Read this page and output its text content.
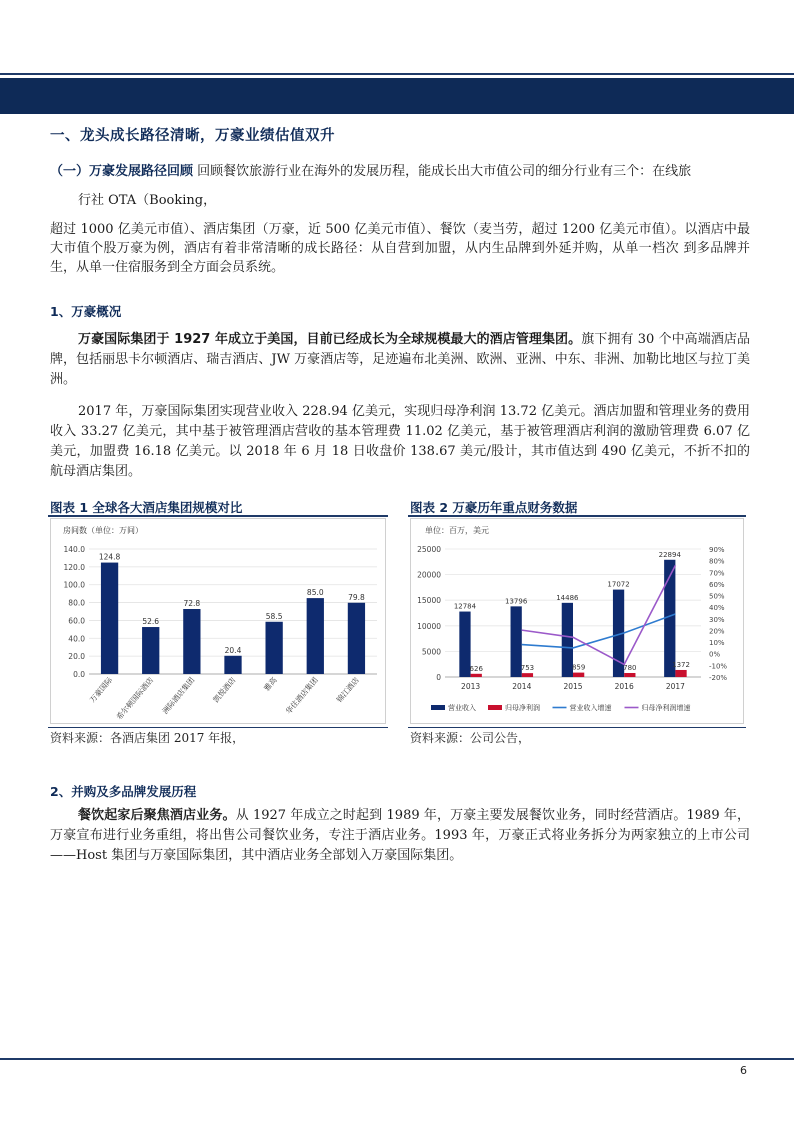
一、龙头成长路径清晰，万豪业绩估值双升
（一）万豪发展路径回顾 回顾餐饮旅游行业在海外的发展历程，能成长出大市值公司的细分行业有三个：在线旅
行社 OTA（Booking，
超过 1000 亿美元市值）、酒店集团（万豪，近 500 亿美元市值）、餐饮（麦当劳，超过 1200 亿美元市值）。以酒店中最大市值个股万豪为例，酒店有着非常清晰的成长路径：从自营到加盟，从内生品牌到外延并购，从单一档次 到多品牌并生，从单一住宿服务到全方面会员系统。
1、万豪概况

万豪国际集团于 1927 年成立于美国，目前已经成长为全球规模最大的酒店管理集团。旗下拥有 30 个中高端酒店品牌，包括丽思卡尔顿酒店、瑞吉酒店、JW 万豪酒店等，足迹遍布北美洲、欧洲、亚洲、中东、非洲、加勒比地区与拉丁美洲。

2017 年，万豪国际集团实现营业收入 228.94 亿美元，实现归母净利润 13.72 亿美元。酒店加盟和管理业务的费用收入 33.27 亿美元，其中基于被管理酒店营收的基本管理费 11.02 亿美元，基于被管理酒店利润的激励管理费 6.07 亿美元，加盟费 16.18 亿美元。以 2018 年 6 月 18 日收盘价 138.67 美元/股计，其市值达到 490 亿美元，不折不扣的 航母酒店集团。

图表 1 全球各大酒店集团规模对比
房间数（单位：万间）
0.0
20.0
40.0
60.0
80.0
100.0
120.0
140.0
124.8
万豪国际
52.6
希尔顿国际酒店
72.8
洲际酒店集团
20.4
凯悦酒店
58.5
雅高
85.0
华住酒店集团
79.8
锦江酒店
资料来源：各酒店集团 2017 年报，
图表 2 万豪历年重点财务数据
单位：百万，美元
0
5000
10000
15000
20000
25000
-20%
-10%
0%
10%
20%
30%
40%
50%
60%
70%
80%
90%
2013	2014	2015	2016	2017
12784
13796	14486
17072
22894
626	753	859	780	1372
营业收入	归母净利润	营业收入增速	归母净利润增速
资料来源：公司公告，
2、并购及多品牌发展历程

餐饮起家后聚焦酒店业务。从 1927 年成立之时起到 1989 年，万豪主要发展餐饮业务，同时经营酒店。1989 年，万豪宣布进行业务重组，将出售公司餐饮业务，专注于酒店业务。1993 年，万豪正式将业务拆分为两家独立的上市公司——Host 集团与万豪国际集团，其中酒店业务全部划入万豪国际集团。

6
